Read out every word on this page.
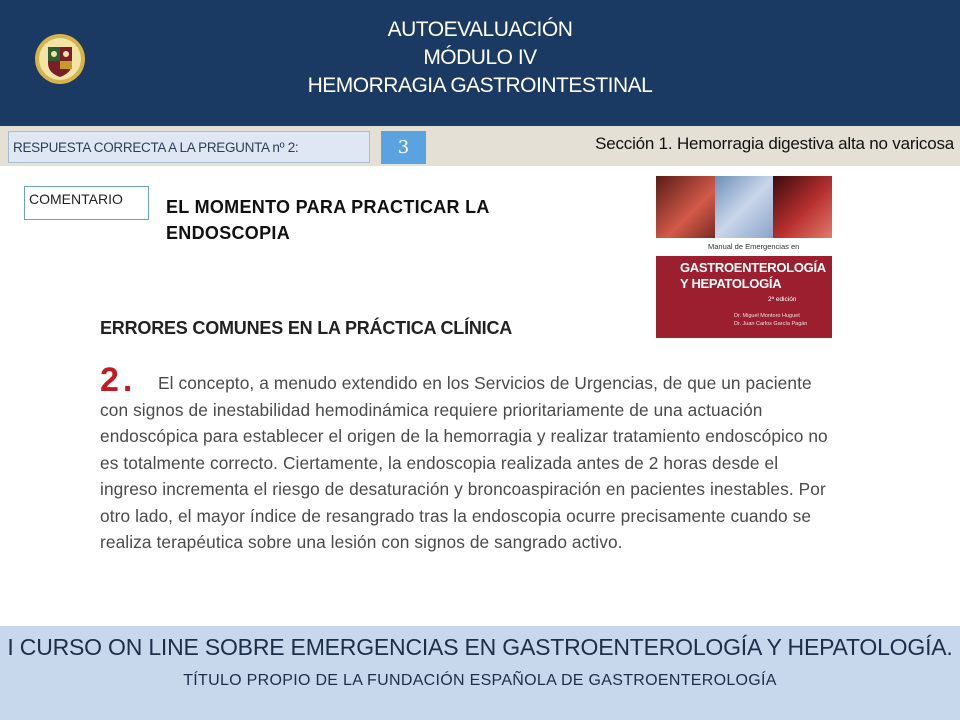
AUTOEVALUACIÓN
MÓDULO IV
HEMORRAGIA GASTROINTESTINAL
RESPUESTA CORRECTA A LA PREGUNTA nº 2:	3	Sección 1. Hemorragia digestiva alta no varicosa
COMENTARIO	EL MOMENTO PARA PRACTICAR LA ENDOSCOPIA
Manual de Emergencias en
GASTROENTEROLOGÍA
Y HEPATOLOGÍA
2ª edición
Dr. Miguel Montoro Huguet
Dr. Juan Carlos García Pagán
ERRORES COMUNES EN LA PRÁCTICA CLÍNICA
2.	El concepto, a menudo extendido en los Servicios de Urgencias, de que un paciente con signos de inestabilidad hemodinámica requiere prioritariamente de una actuación endoscópica para establecer el origen de la hemorragia y realizar tratamiento endoscópico no es totalmente correcto. Ciertamente, la endoscopia realizada antes de 2 horas desde el ingreso incrementa el riesgo de desaturación y broncoaspiración en pacientes inestables. Por otro lado, el mayor índice de resangrado tras la endoscopia ocurre precisamente cuando se realiza terapéutica sobre una lesión con signos de sangrado activo.
I CURSO ON LINE SOBRE EMERGENCIAS EN GASTROENTEROLOGÍA Y HEPATOLOGÍA. TÍTULO PROPIO DE LA FUNDACIÓN ESPAÑOLA DE GASTROENTEROLOGÍA
